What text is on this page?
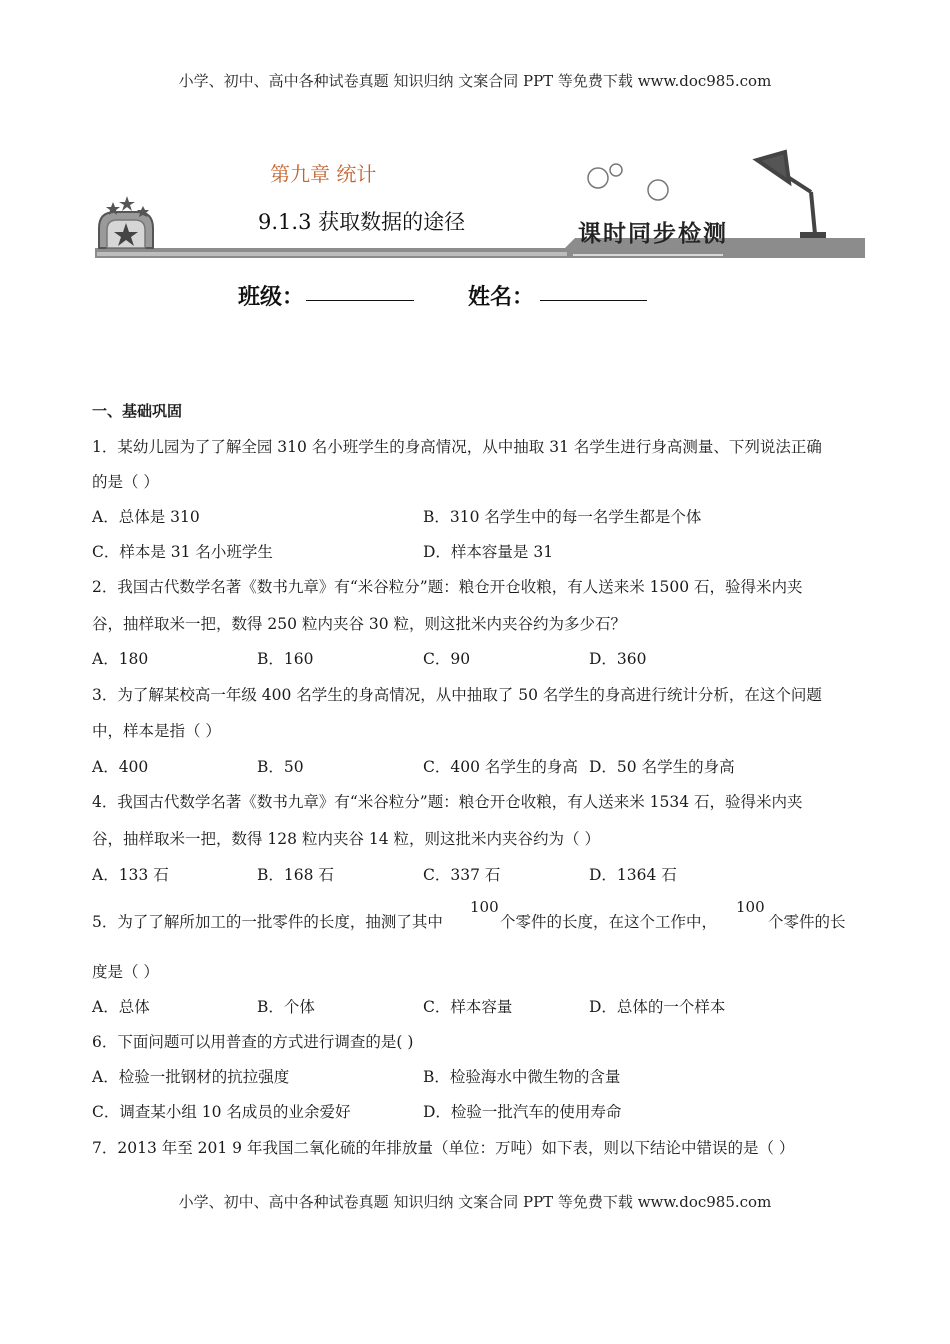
小学、初中、高中各种试卷真题 知识归纳 文案合同 PPT 等免费下载 www.doc985.com
小学、初中、高中各种试卷真题 知识归纳 文案合同 PPT 等免费下载 www.doc985.com
第九章 统计
9.1.3 获取数据的途径	课时同步检测
班级：	姓名：
一、基础巩固
1．某幼儿园为了了解全园 310 名小班学生的身高情况，从中抽取 31 名学生进行身高测量、下列说法正确
的是（ ）
A．总体是 310	B．310 名学生中的每一名学生都是个体
C．样本是 31 名小班学生	D．样本容量是 31
2．我国古代数学名著《数书九章》有“米谷粒分”题：粮仓开仓收粮，有人送来米 1500 石，验得米内夹
谷，抽样取米一把，数得 250 粒内夹谷 30 粒，则这批米内夹谷约为多少石？
A．180	B．160	C．90	D．360
3．为了解某校高一年级 400 名学生的身高情况，从中抽取了 50 名学生的身高进行统计分析，在这个问题
中，样本是指（ ）
A．400	B．50	C．400 名学生的身高 D．50 名学生的身高
4．我国古代数学名著《数书九章》有“米谷粒分”题：粮仓开仓收粮，有人送来米 1534 石，验得米内夹
谷，抽样取米一把，数得 128 粒内夹谷 14 粒，则这批米内夹谷约为（ ）
A．133 石	B．168 石	C．337 石	D．1364 石
5．为了了解所加工的一批零件的长度，抽测了其中
100
个零件的长度，在这个工作中，
100
个零件的长
度是（ ）
A．总体	B．个体	C．样本容量	D．总体的一个样本
6．下面问题可以用普查的方式进行调查的是( )
A．检验一批钢材的抗拉强度	B．检验海水中微生物的含量
C．调查某小组 10 名成员的业余爱好	D．检验一批汽车的使用寿命
7．2013 年至 201 9 年我国二氧化硫的年排放量（单位：万吨）如下表，则以下结论中错误的是（ ）
